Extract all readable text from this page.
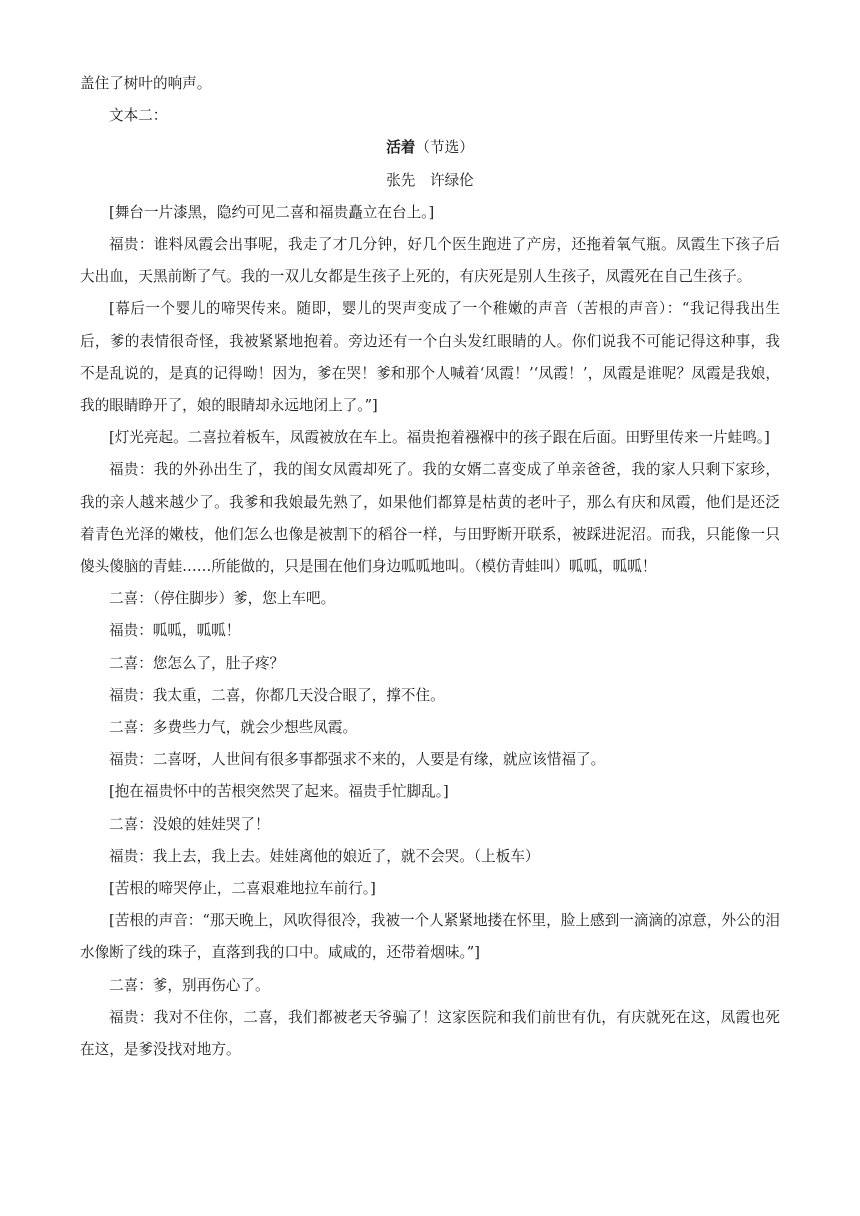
盖住了树叶的响声。

文本二：

活着（节选）

张先　许绿伦

[舞台一片漆黑，隐约可见二喜和福贵矗立在台上。]

福贵：谁料凤霞会出事呢，我走了才几分钟，好几个医生跑进了产房，还拖着氧气瓶。凤霞生下孩子后大出血，天黑前断了气。我的一双儿女都是生孩子上死的，有庆死是别人生孩子，凤霞死在自己生孩子。

[幕后一个婴儿的啼哭传来。随即，婴儿的哭声变成了一个稚嫩的声音（苦根的声音）：“我记得我出生后，爹的表情很奇怪，我被紧紧地抱着。旁边还有一个白头发红眼睛的人。你们说我不可能记得这种事，我不是乱说的，是真的记得呦！因为，爹在哭！爹和那个人喊着‘凤霞！’‘凤霞！’，凤霞是谁呢？凤霞是我娘，我的眼睛睁开了，娘的眼睛却永远地闭上了。”]

[灯光亮起。二喜拉着板车，凤霞被放在车上。福贵抱着襁褓中的孩子跟在后面。田野里传来一片蛙鸣。]

福贵：我的外孙出生了，我的闺女凤霞却死了。我的女婿二喜变成了单亲爸爸，我的家人只剩下家珍，我的亲人越来越少了。我爹和我娘最先熟了，如果他们都算是枯黄的老叶子，那么有庆和凤霞，他们是还泛着青色光泽的嫩枝，他们怎么也像是被割下的稻谷一样，与田野断开联系，被踩进泥沼。而我，只能像一只傻头傻脑的青蛙……所能做的，只是围在他们身边呱呱地叫。（模仿青蛙叫）呱呱，呱呱！

二喜：（停住脚步）爹，您上车吧。

福贵：呱呱，呱呱！

二喜：您怎么了，肚子疼？

福贵：我太重，二喜，你都几天没合眼了，撑不住。

二喜：多费些力气，就会少想些凤霞。

福贵：二喜呀，人世间有很多事都强求不来的，人要是有缘，就应该惜福了。

[抱在福贵怀中的苦根突然哭了起来。福贵手忙脚乱。]

二喜：没娘的娃娃哭了！

福贵：我上去，我上去。娃娃离他的娘近了，就不会哭。（上板车）

[苦根的啼哭停止，二喜艰难地拉车前行。]

[苦根的声音：“那天晚上，风吹得很冷，我被一个人紧紧地搂在怀里，脸上感到一滴滴的凉意，外公的泪水像断了线的珠子，直落到我的口中。咸咸的，还带着烟味。”]

二喜：爹，别再伤心了。

福贵：我对不住你，二喜，我们都被老天爷骗了！这家医院和我们前世有仇，有庆就死在这，凤霞也死在这，是爹没找对地方。
